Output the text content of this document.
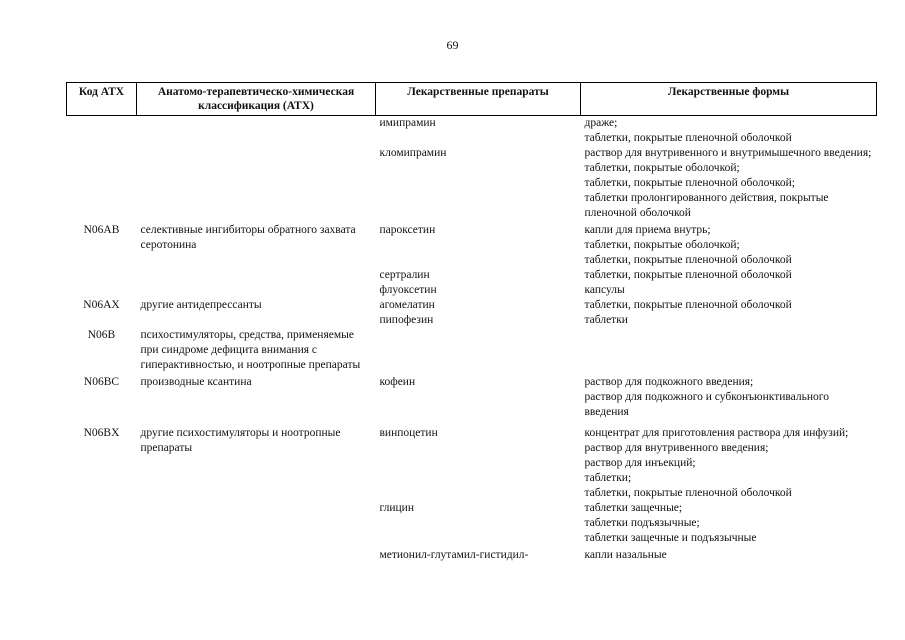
69
Код АТХ	Анатомо-терапевтическо-химическая классификация (АТХ)	Лекарственные препараты	Лекарственные формы
		имипрамин	драже;
таблетки, покрытые пленочной оболочкой

		кломипрамин	раствор для внутривенного и внутримышечного введения;
таблетки, покрытые оболочкой;
таблетки, покрытые пленочной оболочкой;
таблетки пролонгированного действия, покрытые пленочной оболочкой

N06AB	селективные ингибиторы обратного захвата серотонина	пароксетин	капли для приема внутрь;
таблетки, покрытые оболочкой;
таблетки, покрытые пленочной оболочкой

		сертралин	таблетки, покрытые пленочной оболочкой

		флуоксетин	капсулы

N06AX	другие антидепрессанты	агомелатин	таблетки, покрытые пленочной оболочкой

		пипофезин	таблетки

N06B	психостимуляторы, средства, применяемые при синдроме дефицита внимания с гиперактивностью, и ноотропные препараты		
N06BC	производные ксантина	кофеин	раствор для подкожного введения;
раствор для подкожного и субконъюнктивального введения

N06BX	другие психостимуляторы и ноотропные препараты	винпоцетин	концентрат для приготовления раствора для инфузий;
раствор для внутривенного введения;
раствор для инъекций;
таблетки;
таблетки, покрытые пленочной оболочкой

		глицин	таблетки защечные;
таблетки подъязычные;
таблетки защечные и подъязычные

		метионил-глутамил-гистидил-	капли назальные
